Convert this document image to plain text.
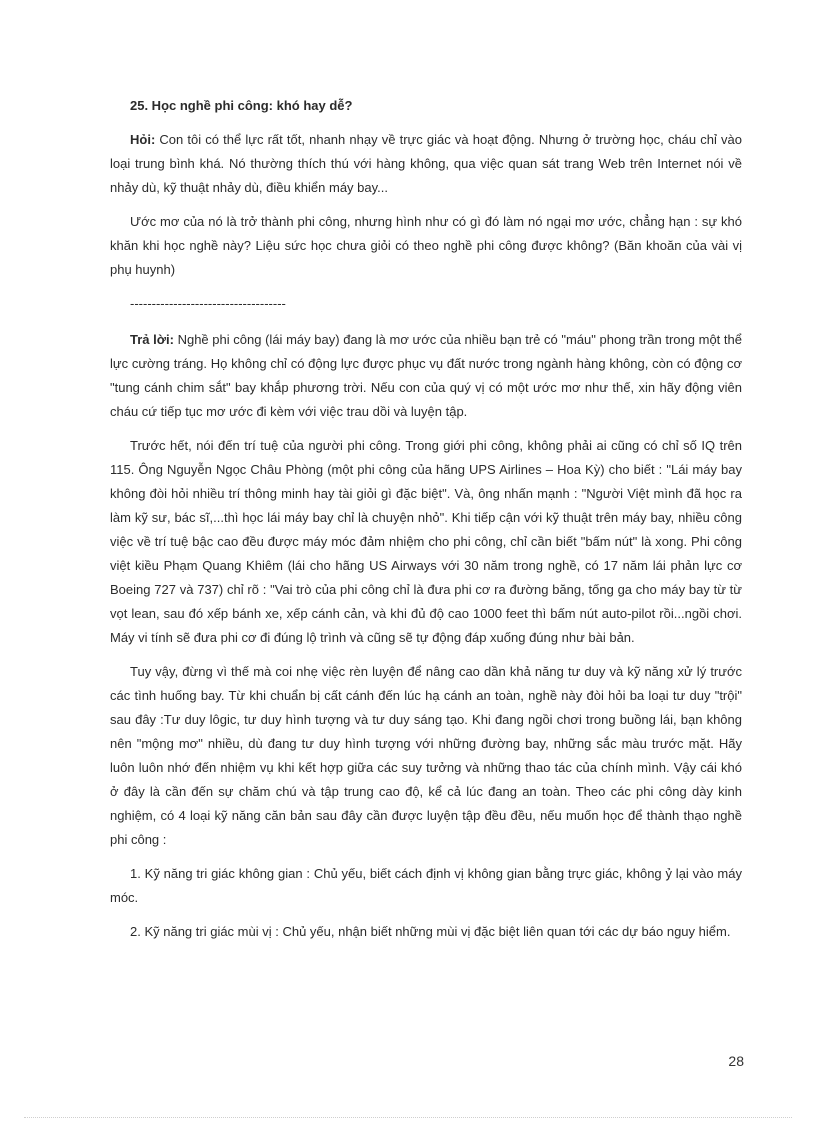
25. Học nghề phi công: khó hay dễ?

Hỏi: Con tôi có thể lực rất tốt, nhanh nhạy về trực giác và hoạt động. Nhưng ở trường học, cháu chỉ vào loại trung bình khá. Nó thường thích thú với hàng không, qua việc quan sát trang Web trên Internet nói về nhảy dù, kỹ thuật nhảy dù, điều khiển máy bay...

Ước mơ của nó là trở thành phi công, nhưng hình như có gì đó làm nó ngại mơ ước, chẳng hạn : sự khó khăn khi học nghề này? Liệu sức học chưa giỏi có theo nghề phi công được không? (Băn khoăn của vài vị phụ huynh)

------------------------------------

Trả lời: Nghề phi công (lái máy bay) đang là mơ ước của nhiều bạn trẻ có "máu" phong trần trong một thể lực cường tráng. Họ không chỉ có động lực được phục vụ đất nước trong ngành hàng không, còn có động cơ "tung cánh chim sắt" bay khắp phương trời. Nếu con của quý vị có một ước mơ như thế, xin hãy động viên cháu cứ tiếp tục mơ ước đi kèm với việc trau dồi và luyện tập.

Trước hết, nói đến trí tuệ của người phi công. Trong giới phi công, không phải ai cũng có chỉ số IQ trên 115. Ông Nguyễn Ngọc Châu Phòng (một phi công của hãng UPS Airlines – Hoa Kỳ) cho biết : "Lái máy bay không đòi hỏi nhiều trí thông minh hay tài giỏi gì đặc biệt". Và, ông nhấn mạnh : "Người Việt mình đã học ra làm kỹ sư, bác sĩ,...thì học lái máy bay chỉ là chuyện nhỏ". Khi tiếp cận với kỹ thuật trên máy bay, nhiều công việc về trí tuệ bậc cao đều được máy móc đảm nhiệm cho phi công, chỉ cần biết "bấm nút" là xong. Phi công việt kiều Phạm Quang Khiêm (lái cho hãng US Airways với 30 năm trong nghề, có 17 năm lái phản lực cơ Boeing 727 và 737) chỉ rõ : "Vai trò của phi công chỉ là đưa phi cơ ra đường băng, tống ga cho máy bay từ từ vọt lean, sau đó xếp bánh xe, xếp cánh cản, và khi đủ độ cao 1000 feet thì bấm nút auto-pilot rồi...ngồi chơi. Máy vi tính sẽ đưa phi cơ đi đúng lộ trình và cũng sẽ tự động đáp xuống đúng như bài bản.

Tuy vậy, đừng vì thế mà coi nhẹ việc rèn luyện để nâng cao dần khả năng tư duy và kỹ năng xử lý trước các tình huống bay. Từ khi chuẩn bị cất cánh đến lúc hạ cánh an toàn, nghề này đòi hỏi ba loại tư duy "trội" sau đây :Tư duy lôgic, tư duy hình tượng và tư duy sáng tạo. Khi đang ngồi chơi trong buồng lái, bạn không nên "mộng mơ" nhiều, dù đang tư duy hình tượng với những đường bay, những sắc màu trước mặt. Hãy luôn luôn nhớ đến nhiệm vụ khi kết hợp giữa các suy tưởng và những thao tác của chính mình. Vậy cái khó ở đây là cần đến sự chăm chú và tập trung cao độ, kể cả lúc đang an toàn. Theo các phi công dày kinh nghiệm, có 4 loại kỹ năng căn bản sau đây cần được luyện tập đều đều, nếu muốn học để thành thạo nghề phi công :

1. Kỹ năng tri giác không gian : Chủ yếu, biết cách định vị không gian bằng trực giác, không ỷ lại vào máy móc.

2. Kỹ năng tri giác mùi vị : Chủ yếu, nhận biết những mùi vị đặc biệt liên quan tới các dự báo nguy hiểm.

28
